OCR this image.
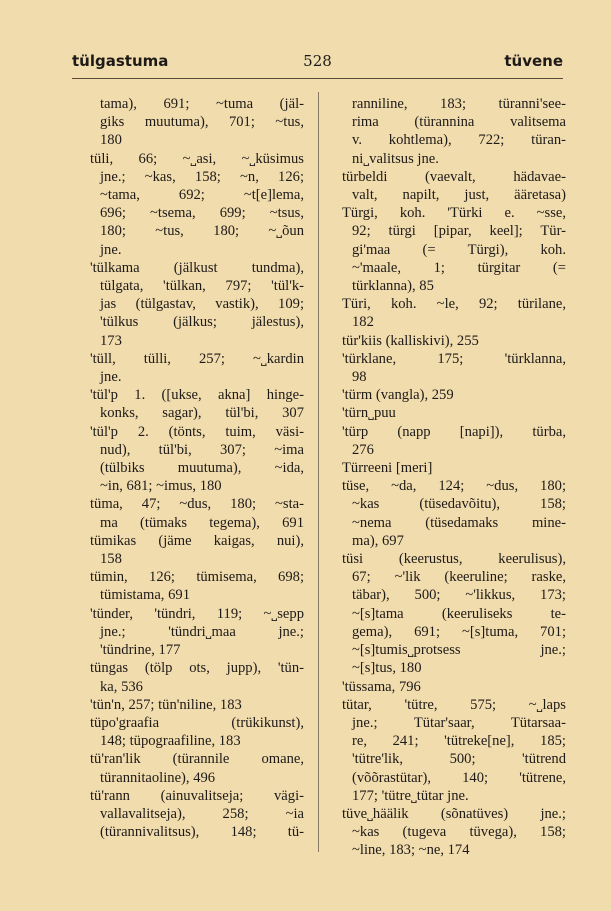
tülgastuma	528	tüvene
tama), 691; ~tuma (jäl-
giks muutuma), 701; ~tus,
180
tüli, 66; ~˽asi, ~˽küsimus
jne.; ~kas, 158; ~n, 126;
~tama, 692; ~t[e]lema,
696; ~tsema, 699; ~tsus,
180; ~tus, 180; ~˽õun
jne.
'tülkama (jälkust tundma),
tülgata, 'tülkan, 797; 'tül'k-
jas (tülgastav, vastik), 109;
'tülkus (jälkus; jälestus),
173
'tüll, tülli, 257; ~˽kardin
jne.
'tül'p 1. ([ukse, akna] hinge-
konks, sagar), tül'bi, 307
'tül'p 2. (tönts, tuim, väsi-
nud), tül'bi, 307; ~ima
(tülbiks muutuma), ~ida,
~in, 681; ~imus, 180
tüma, 47; ~dus, 180; ~sta-
ma (tümaks tegema), 691
tümikas (jäme kaigas, nui),
158
tümin, 126; tümisema, 698;
tümistama, 691
'tünder, 'tündri, 119; ~˽sepp
jne.; 'tündri˽maa jne.;
'tündrine, 177
tüngas (tölp ots, jupp), 'tün-
ka, 536
'tün'n, 257; tün'niline, 183
tüpo'graafia (trükikunst),
148; tüpograafiline, 183
tü'ran'lik (türannile omane,
türannitaoline), 496
tü'rann (ainuvalitseja; vägi-
vallavalitseja), 258; ~ia
(türannivalitsus), 148; tü-
ranniline, 183; türanni'see-
rima (türannina valitsema
v. kohtlema), 722; türan-
ni˽valitsus jne.
türbeldi (vaevalt, hädavae-
valt, napilt, just, ääretasa)
Türgi, koh. 'Türki e. ~sse,
92; türgi [pipar, keel]; Tür-
gi'maa (= Türgi), koh.
~'maale, 1; türgitar (=
türklanna), 85
Türi, koh. ~le, 92; türilane,
182
tür'kiis (kalliskivi), 255
'türklane, 175; 'türklanna,
98
'türm (vangla), 259
'türn˽puu
'türp (napp [napi]), türba,
276
Türreeni [meri]
tüse, ~da, 124; ~dus, 180;
~kas (tüsedavõitu), 158;
~nema (tüsedamaks mine-
ma), 697
tüsi (keerustus, keerulisus),
67; ~'lik (keeruline; raske,
täbar), 500; ~'likkus, 173;
~[s]tama (keeruliseks te-
gema), 691; ~[s]tuma, 701;
~[s]tumis˽protsess jne.;
~[s]tus, 180
'tüssama, 796
tütar, 'tütre, 575; ~˽laps
jne.; Tütar'saar, Tütarsaa-
re, 241; 'tütreke[ne], 185;
'tütre'lik, 500; 'tütrend
(võõrastütar), 140; 'tütrene,
177; 'tütre˽tütar jne.
tüve˽häälik (sõnatüves) jne.;
~kas (tugeva tüvega), 158;
~line, 183; ~ne, 174
